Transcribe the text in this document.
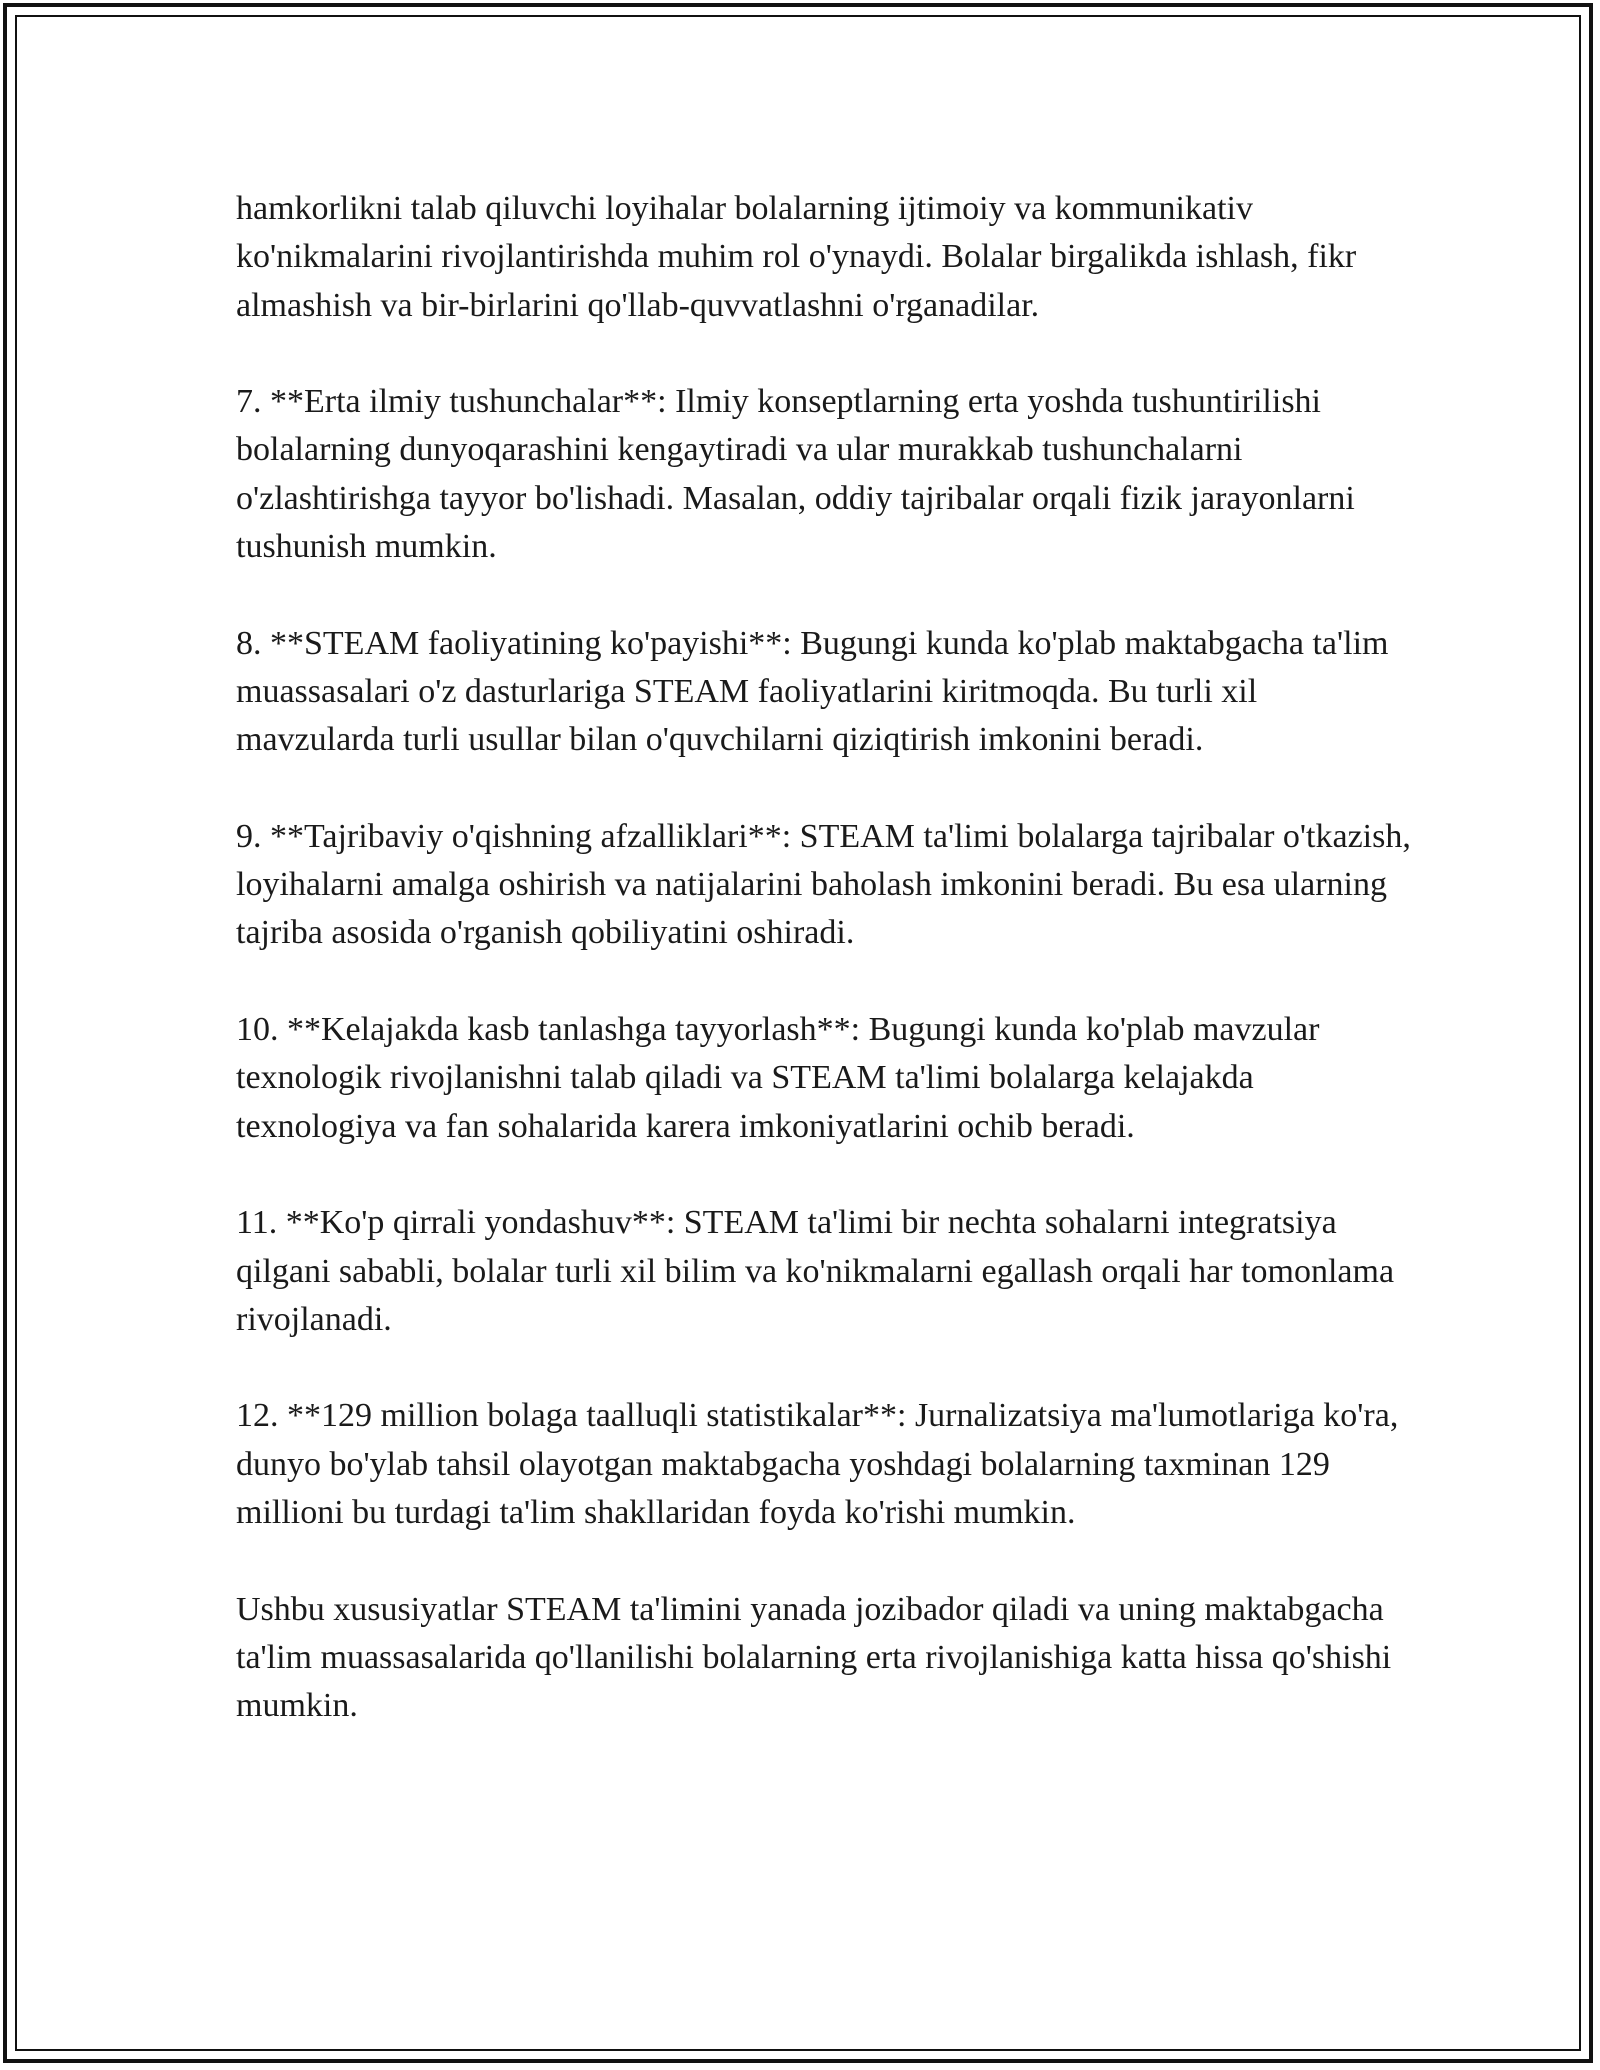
hamkorlikni talab qiluvchi loyihalar bolalarning ijtimoiy va kommunikativ ko'nikmalarini rivojlantirishda muhim rol o'ynaydi. Bolalar birgalikda ishlash, fikr almashish va bir-birlarini qo'llab-quvvatlashni o'rganadilar.

7. **Erta ilmiy tushunchalar**: Ilmiy konseptlarning erta yoshda tushuntirilishi bolalarning dunyoqarashini kengaytiradi va ular murakkab tushunchalarni o'zlashtirishga tayyor bo'lishadi. Masalan, oddiy tajribalar orqali fizik jarayonlarni tushunish mumkin.

8. **STEAM faoliyatining ko'payishi**: Bugungi kunda ko'plab maktabgacha ta'lim muassasalari o'z dasturlariga STEAM faoliyatlarini kiritmoqda. Bu turli xil mavzularda turli usullar bilan o'quvchilarni qiziqtirish imkonini beradi.

9. **Tajribaviy o'qishning afzalliklari**: STEAM ta'limi bolalarga tajribalar o'tkazish, loyihalarni amalga oshirish va natijalarini baholash imkonini beradi. Bu esa ularning tajriba asosida o'rganish qobiliyatini oshiradi.

10. **Kelajakda kasb tanlashga tayyorlash**: Bugungi kunda ko'plab mavzular texnologik rivojlanishni talab qiladi va STEAM ta'limi bolalarga kelajakda texnologiya va fan sohalarida karera imkoniyatlarini ochib beradi.

11. **Ko'p qirrali yondashuv**: STEAM ta'limi bir nechta sohalarni integratsiya qilgani sababli, bolalar turli xil bilim va ko'nikmalarni egallash orqali har tomonlama rivojlanadi.

12. **129 million bolaga taalluqli statistikalar**: Jurnalizatsiya ma'lumotlariga ko'ra, dunyo bo'ylab tahsil olayotgan maktabgacha yoshdagi bolalarning taxminan 129 millioni bu turdagi ta'lim shakllaridan foyda ko'rishi mumkin.

Ushbu xususiyatlar STEAM ta'limini yanada jozibador qiladi va uning maktabgacha ta'lim muassasalarida qo'llanilishi bolalarning erta rivojlanishiga katta hissa qo'shishi mumkin.
